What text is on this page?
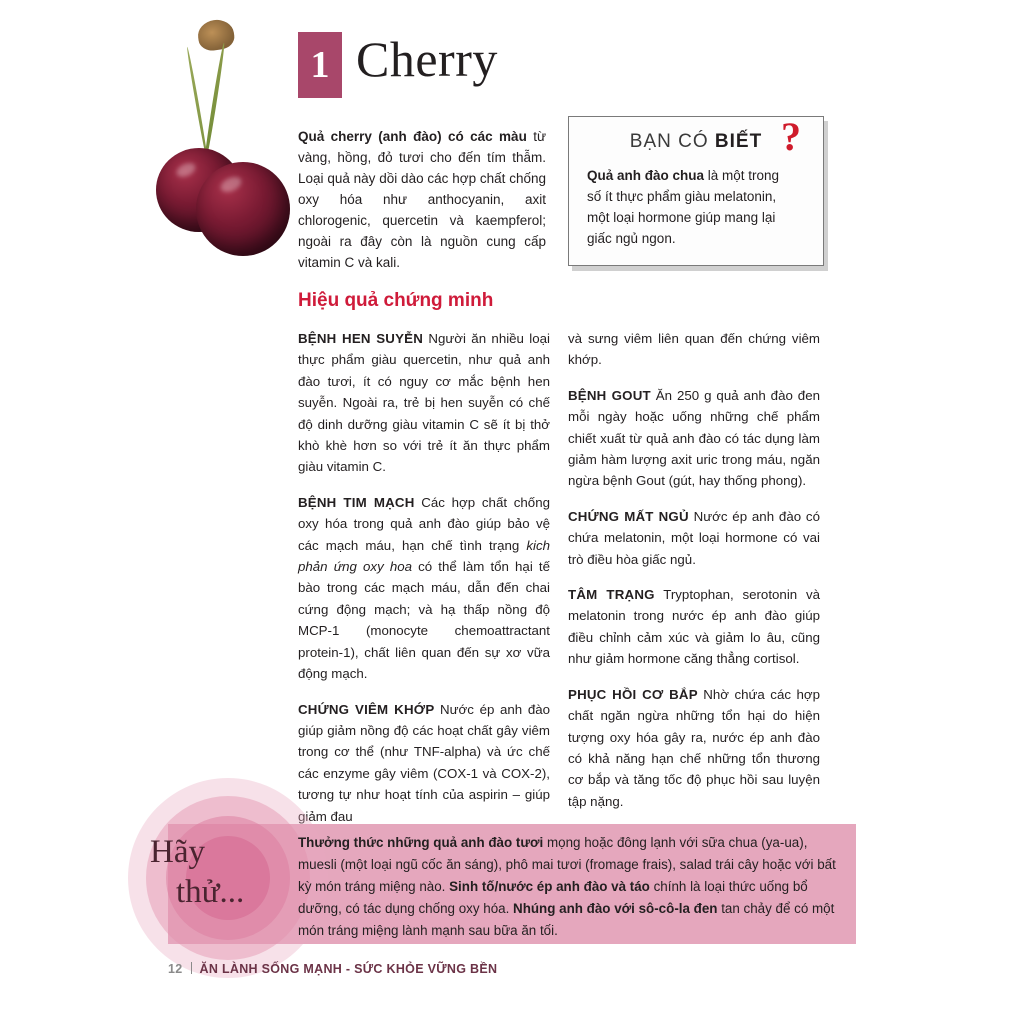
1 Cherry
Quả cherry (anh đào) có các màu từ vàng, hồng, đỏ tươi cho đến tím thẫm. Loại quả này dồi dào các hợp chất chống oxy hóa như anthocyanin, axit chlorogenic, quercetin và kaempferol; ngoài ra đây còn là nguồn cung cấp vitamin C và kali.
BẠN CÓ BIẾT ?
Quả anh đào chua là một trong số ít thực phẩm giàu melatonin, một loại hormone giúp mang lại giấc ngủ ngon.
Hiệu quả chứng minh

BỆNH HEN SUYỄN Người ăn nhiều loại thực phẩm giàu quercetin, như quả anh đào tươi, ít có nguy cơ mắc bệnh hen suyễn. Ngoài ra, trẻ bị hen suyễn có chế độ dinh dưỡng giàu vitamin C sẽ ít bị thở khò khè hơn so với trẻ ít ăn thực phẩm giàu vitamin C.

BỆNH TIM MẠCH Các hợp chất chống oxy hóa trong quả anh đào giúp bảo vệ các mạch máu, hạn chế tình trạng kich phản ứng oxy hoa có thể làm tổn hại tế bào trong các mạch máu, dẫn đến chai cứng động mạch; và hạ thấp nồng độ MCP-1 (monocyte chemoattractant protein-1), chất liên quan đến sự xơ vữa động mạch.

CHỨNG VIÊM KHỚP Nước ép anh đào giúp giảm nồng độ các hoạt chất gây viêm trong cơ thể (như TNF-alpha) và ức chế các enzyme gây viêm (COX-1 và COX-2), tương tự như hoạt tính của aspirin – giúp giảm đau

và sưng viêm liên quan đến chứng viêm khớp.

BỆNH GOUT Ăn 250 g quả anh đào đen mỗi ngày hoặc uống những chế phẩm chiết xuất từ quả anh đào có tác dụng làm giảm hàm lượng axit uric trong máu, ngăn ngừa bệnh Gout (gút, hay thống phong).

CHỨNG MẤT NGỦ Nước ép anh đào có chứa melatonin, một loại hormone có vai trò điều hòa giấc ngủ.

TÂM TRẠNG Tryptophan, serotonin và melatonin trong nước ép anh đào giúp điều chỉnh cảm xúc và giảm lo âu, cũng như giảm hormone căng thẳng cortisol.

PHỤC HỒI CƠ BẮP Nhờ chứa các hợp chất ngăn ngừa những tổn hại do hiện tượng oxy hóa gây ra, nước ép anh đào có khả năng hạn chế những tổn thương cơ bắp và tăng tốc độ phục hồi sau luyện tập nặng.

Hãy
thử...
Thưởng thức những quả anh đào tươi mọng hoặc đông lạnh với sữa chua (ya-ua), muesli (một loại ngũ cốc ăn sáng), phô mai tươi (fromage frais), salad trái cây hoặc với bất kỳ món tráng miệng nào. Sinh tố/nước ép anh đào và táo chính là loại thức uống bổ dưỡng, có tác dụng chống oxy hóa. Nhúng anh đào với sô-cô-la đen tan chảy để có một món tráng miệng lành mạnh sau bữa ăn tối.
12 ĂN LÀNH SỐNG MẠNH - SỨC KHỎE VỮNG BỀN
